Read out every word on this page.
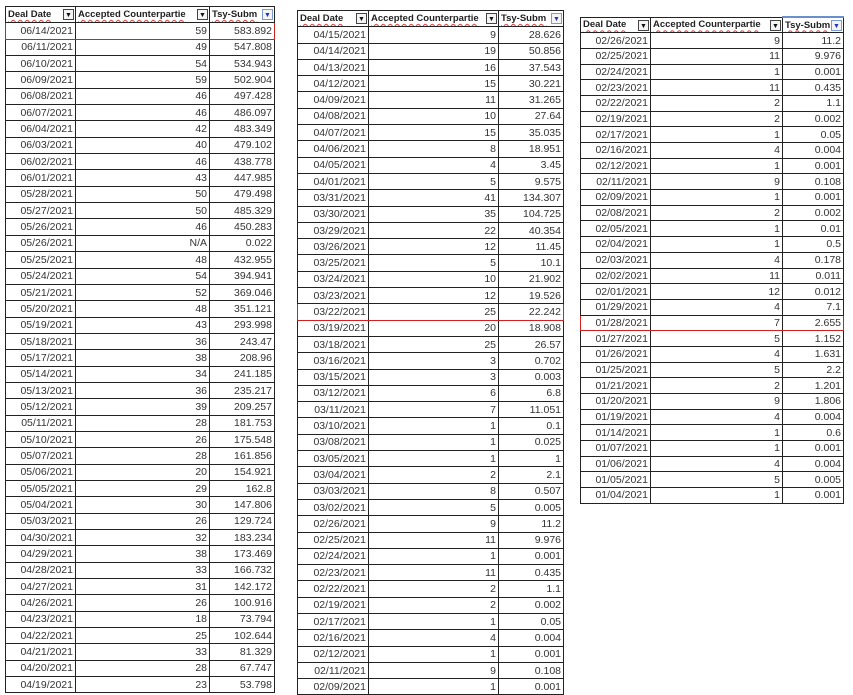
Deal Date ▼	Accepted Counterpartie ▼	Tsy-Subm ▼

06/14/2021	59	583.892
06/11/2021	49	547.808
06/10/2021	54	534.943
06/09/2021	59	502.904
06/08/2021	46	497.428
06/07/2021	46	486.097
06/04/2021	42	483.349
06/03/2021	40	479.102
06/02/2021	46	438.778
06/01/2021	43	447.985
05/28/2021	50	479.498
05/27/2021	50	485.329
05/26/2021	46	450.283
05/26/2021	N/A	0.022
05/25/2021	48	432.955
05/24/2021	54	394.941
05/21/2021	52	369.046
05/20/2021	48	351.121
05/19/2021	43	293.998
05/18/2021	36	243.47
05/17/2021	38	208.96
05/14/2021	34	241.185
05/13/2021	36	235.217
05/12/2021	39	209.257
05/11/2021	28	181.753
05/10/2021	26	175.548
05/07/2021	28	161.856
05/06/2021	20	154.921
05/05/2021	29	162.8
05/04/2021	30	147.806
05/03/2021	26	129.724
04/30/2021	32	183.234
04/29/2021	38	173.469
04/28/2021	33	166.732
04/27/2021	31	142.172
04/26/2021	26	100.916
04/23/2021	18	73.794
04/22/2021	25	102.644
04/21/2021	33	81.329
04/20/2021	28	67.747
04/19/2021	23	53.798
Deal Date ▼	Accepted Counterpartie ▼	Tsy-Subm ▼

04/15/2021	9	28.626
04/14/2021	19	50.856
04/13/2021	16	37.543
04/12/2021	15	30.221
04/09/2021	11	31.265
04/08/2021	10	27.64
04/07/2021	15	35.035
04/06/2021	8	18.951
04/05/2021	4	3.45
04/01/2021	5	9.575
03/31/2021	41	134.307
03/30/2021	35	104.725
03/29/2021	22	40.354
03/26/2021	12	11.45
03/25/2021	5	10.1
03/24/2021	10	21.902
03/23/2021	12	19.526
03/22/2021	25	22.242
03/19/2021	20	18.908
03/18/2021	25	26.57
03/16/2021	3	0.702
03/15/2021	3	0.003
03/12/2021	6	6.8
03/11/2021	7	11.051
03/10/2021	1	0.1
03/08/2021	1	0.025
03/05/2021	1	1
03/04/2021	2	2.1
03/03/2021	8	0.507
03/02/2021	5	0.005
02/26/2021	9	11.2
02/25/2021	11	9.976
02/24/2021	1	0.001
02/23/2021	11	0.435
02/22/2021	2	1.1
02/19/2021	2	0.002
02/17/2021	1	0.05
02/16/2021	4	0.004
02/12/2021	1	0.001
02/11/2021	9	0.108
02/09/2021	1	0.001
Deal Date ▼	Accepted Counterpartie ▼	Tsy-Subm ▼

02/26/2021	9	11.2
02/25/2021	11	9.976
02/24/2021	1	0.001
02/23/2021	11	0.435
02/22/2021	2	1.1
02/19/2021	2	0.002
02/17/2021	1	0.05
02/16/2021	4	0.004
02/12/2021	1	0.001
02/11/2021	9	0.108
02/09/2021	1	0.001
02/08/2021	2	0.002
02/05/2021	1	0.01
02/04/2021	1	0.5
02/03/2021	4	0.178
02/02/2021	11	0.011
02/01/2021	12	0.012
01/29/2021	4	7.1
01/28/2021	7	2.655
01/27/2021	5	1.152
01/26/2021	4	1.631
01/25/2021	5	2.2
01/21/2021	2	1.201
01/20/2021	9	1.806
01/19/2021	4	0.004
01/14/2021	1	0.6
01/07/2021	1	0.001
01/06/2021	4	0.004
01/05/2021	5	0.005
01/04/2021	1	0.001
